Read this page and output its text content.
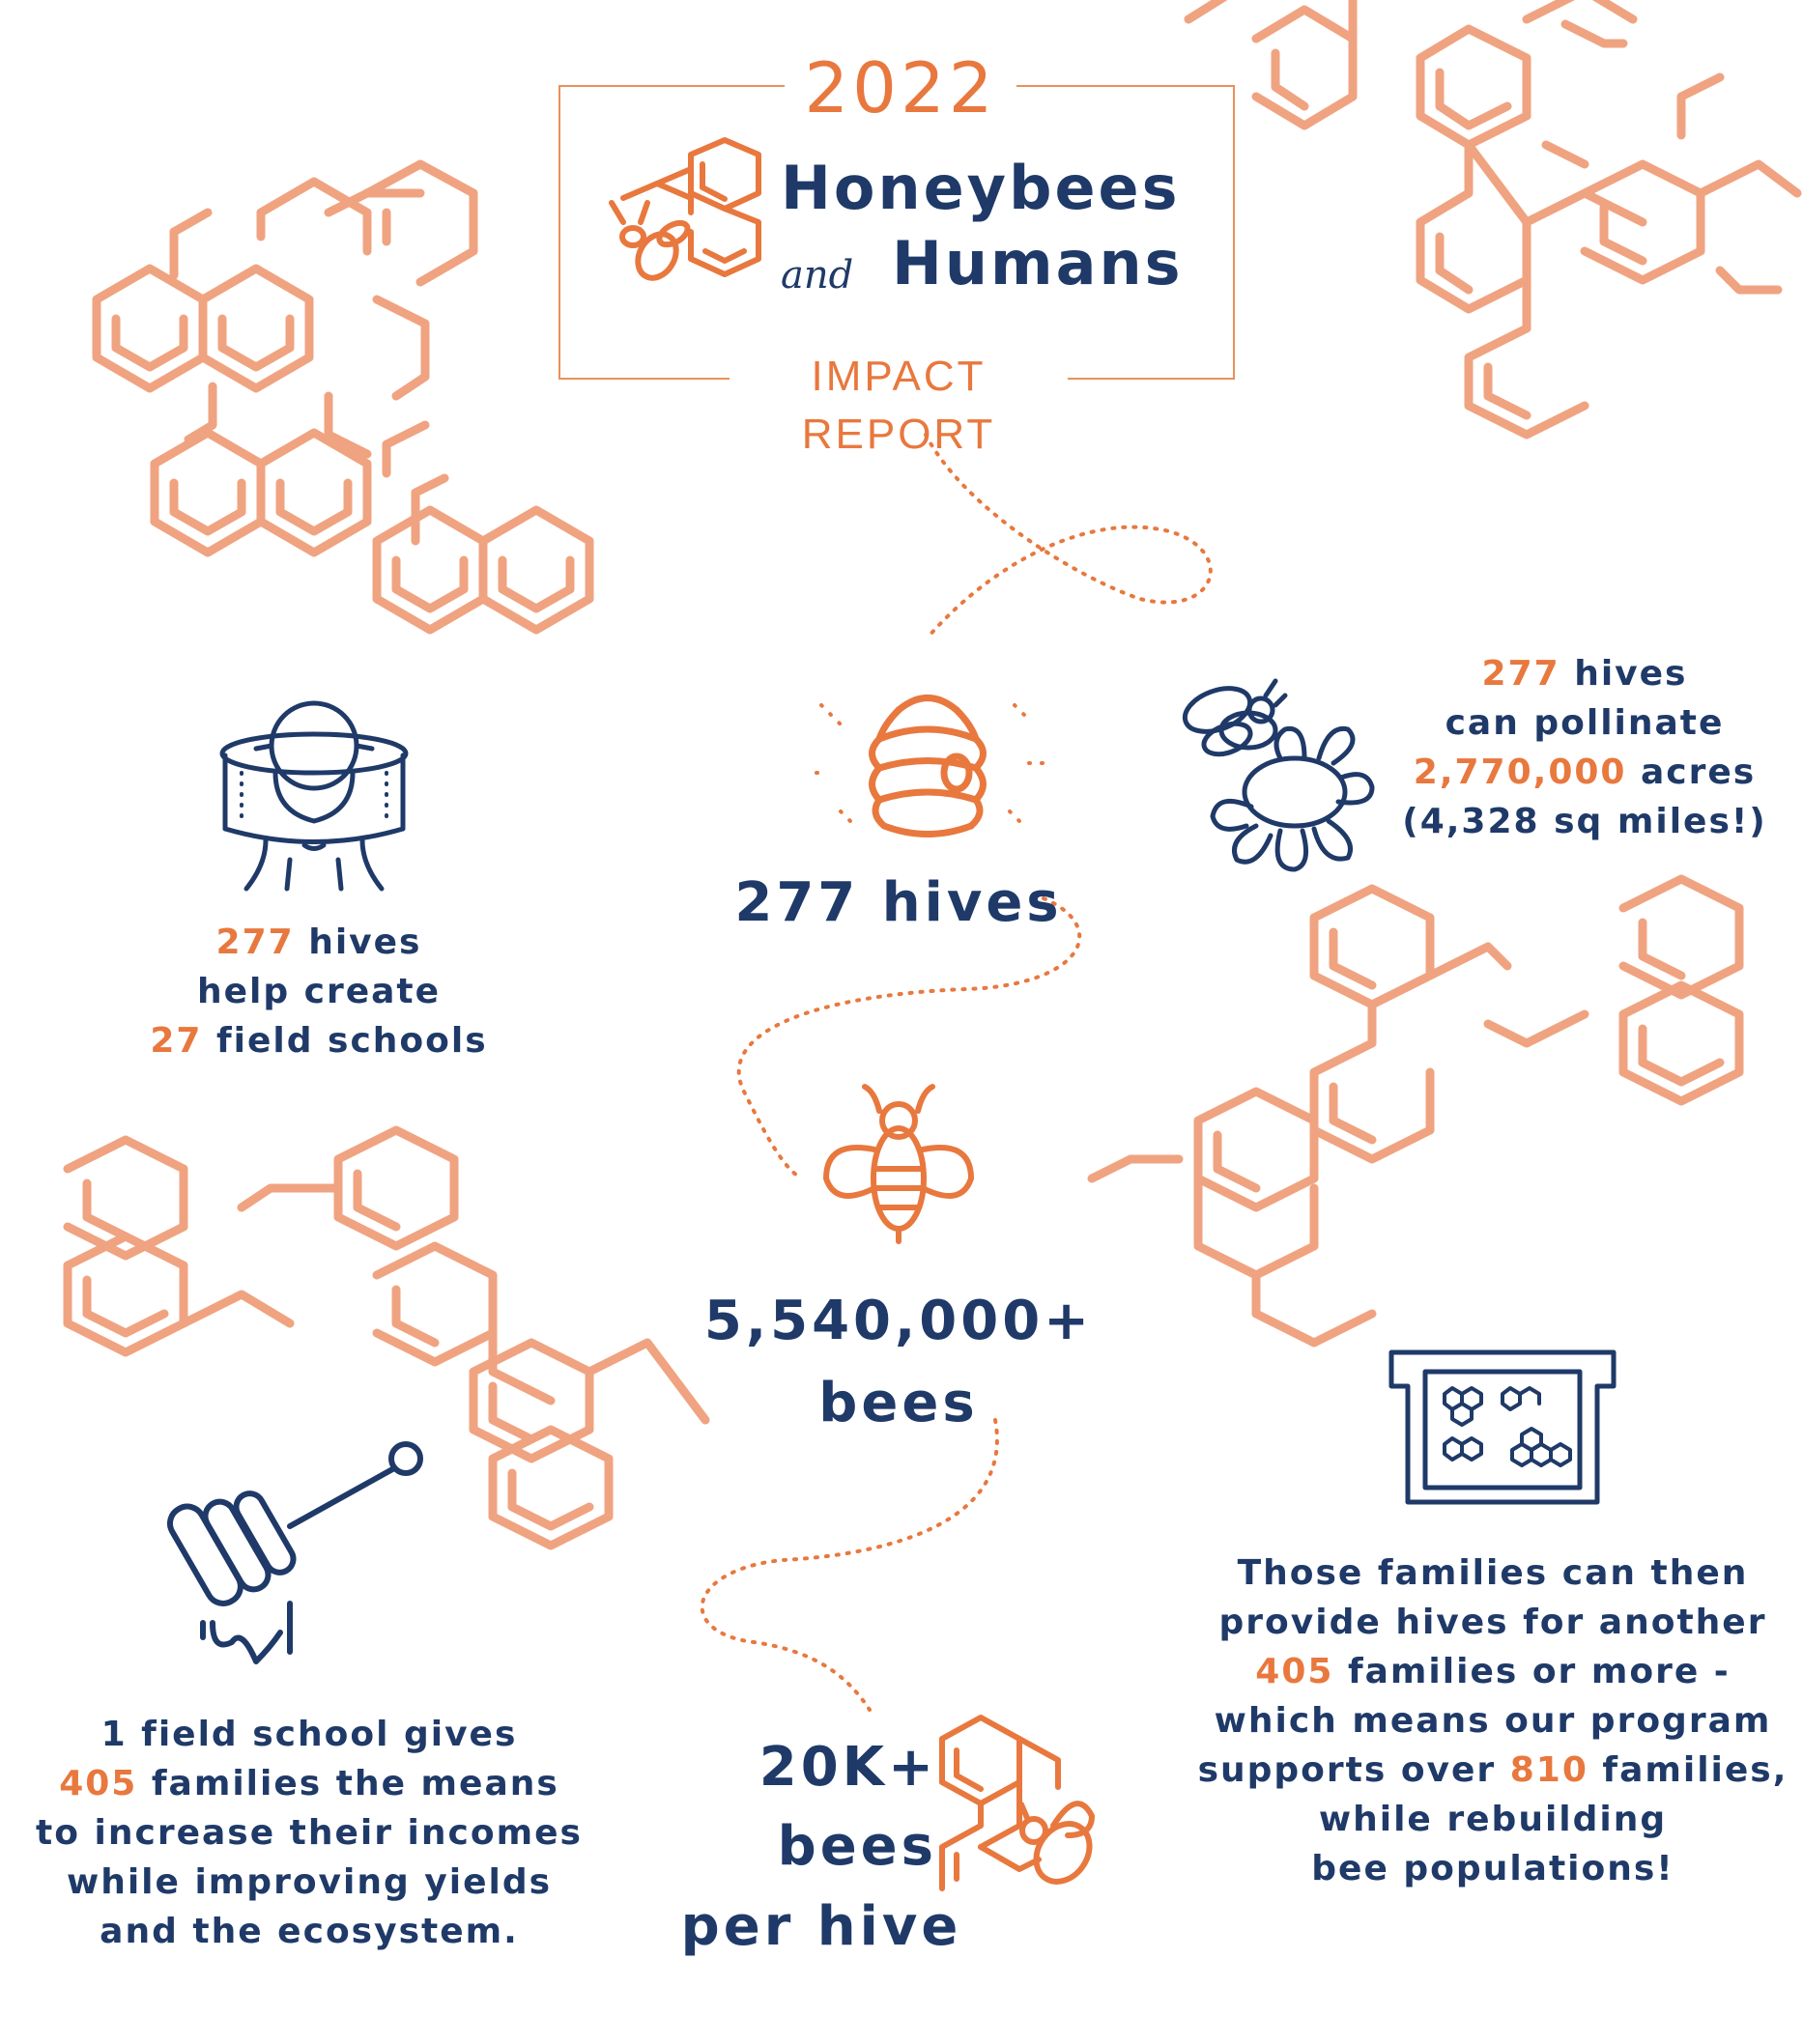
2022
IMPACT REPORT
Honeybees
and Humans
277 hives
5,540,000+
bees
20K+
bees
per hive
277 hives
help create
27 field schools
277 hives
can pollinate
2,770,000 acres
(4,328 sq miles!)
1 field school gives
405 families the means
to increase their incomes
while improving yields
and the ecosystem.
Those families can then
provide hives for another
405 families or more -
which means our program
supports over 810 families,
while rebuilding
bee populations!
